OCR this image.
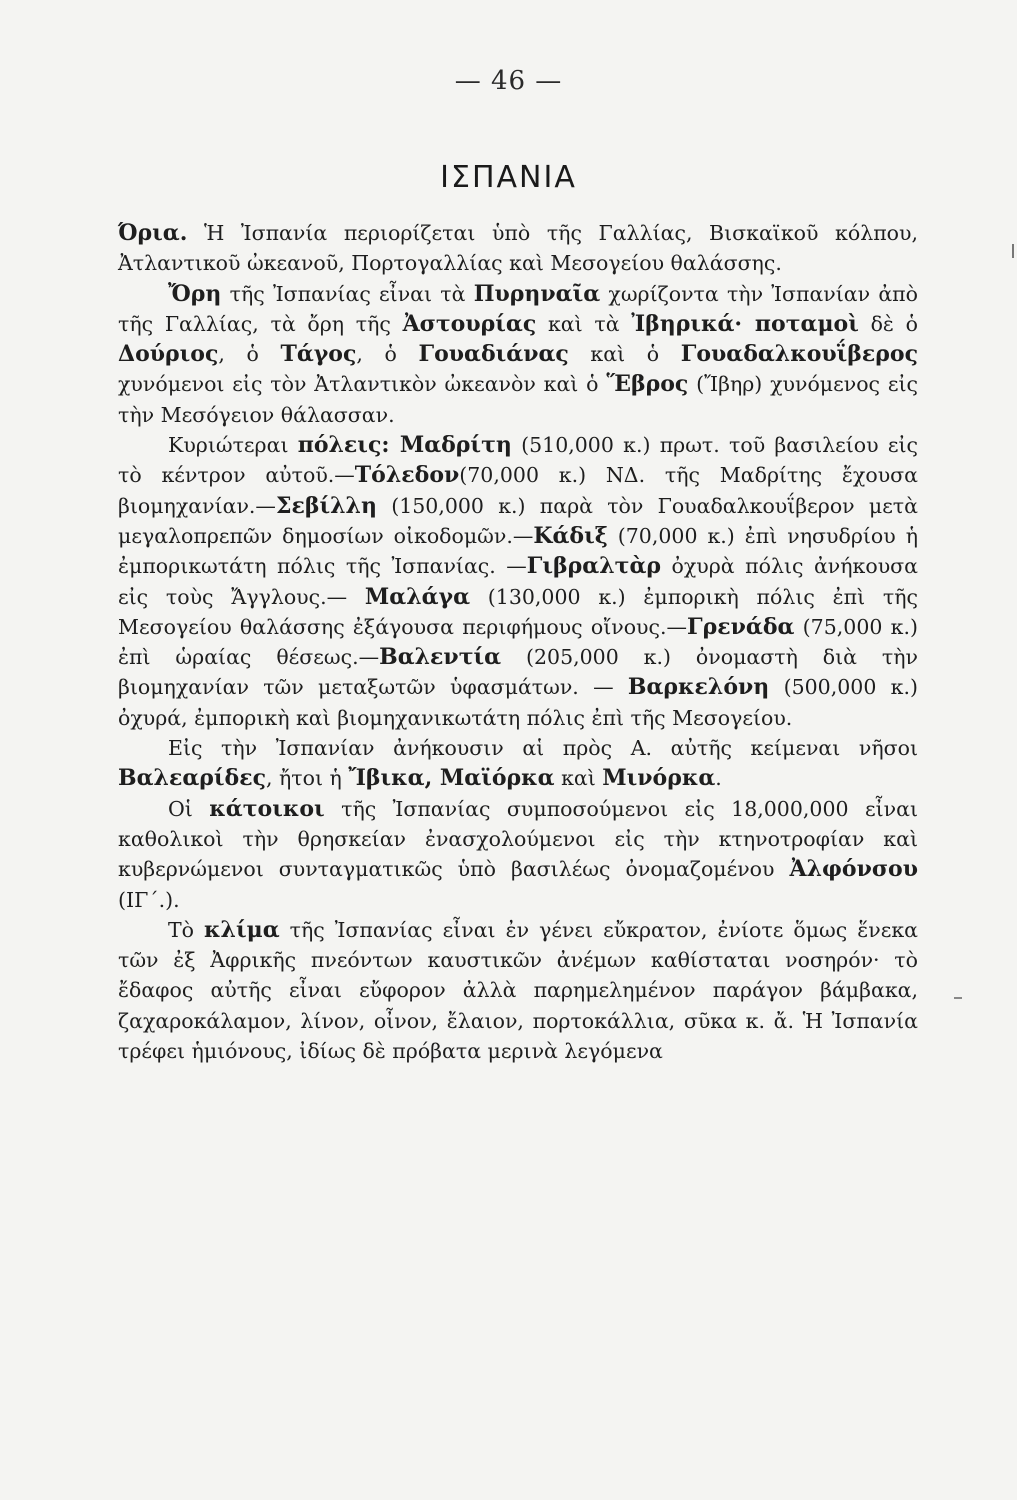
— 46 —
ΙΣΠΑΝΙΑ

Όρια. Ἡ Ἰσπανία περιορίζεται ὑπὸ τῆς Γαλλίας, Βισκαϊκοῦ κόλπου, Ἀτλαντικοῦ ὠκεανοῦ, Πορτογαλλίας καὶ Μεσογείου θαλάσσης.

Ὄρη τῆς Ἰσπανίας εἶναι τὰ Πυρηναῖα χωρίζοντα τὴν Ἰσπανίαν ἀπὸ τῆς Γαλλίας, τὰ ὄρη τῆς Ἀστουρίας καὶ τὰ Ἰβηρικά· ποταμοὶ δὲ ὁ Δούριος, ὁ Τάγος, ὁ Γουαδιάνας καὶ ὁ Γουαδαλκουΐβερος χυνόμενοι εἰς τὸν Ἀτλαντικὸν ὠκεανὸν καὶ ὁ Ἕβρος (Ἴβηρ) χυνόμενος εἰς τὴν Μεσόγειον θάλασσαν.

Κυριώτεραι πόλεις: Μαδρίτη (510,000 κ.) πρωτ. τοῦ βασιλείου εἰς τὸ κέντρον αὐτοῦ.—Τόλεδον(70,000 κ.) ΝΔ. τῆς Μαδρίτης ἔχουσα βιομηχανίαν.—Σεβίλλη (150,000 κ.) παρὰ τὸν Γουαδαλκουΐβερον μετὰ μεγαλοπρεπῶν δημοσίων οἰκοδομῶν.—Κάδιξ (70,000 κ.) ἐπὶ νησυδρίου ἡ ἐμπορικωτάτη πόλις τῆς Ἰσπανίας. —Γιβραλτὰρ ὀχυρὰ πόλις ἀνήκουσα εἰς τοὺς Ἄγγλους.— Μαλάγα (130,000 κ.) ἐμπορικὴ πόλις ἐπὶ τῆς Μεσογείου θαλάσσης ἐξάγουσα περιφήμους οἴνους.—Γρενάδα (75,000 κ.) ἐπὶ ὡραίας θέσεως.—Βαλεντία (205,000 κ.) ὀνομαστὴ διὰ τὴν βιομηχανίαν τῶν μεταξωτῶν ὑφασμάτων. — Βαρκελόνη (500,000 κ.) ὀχυρά, ἐμπορικὴ καὶ βιομηχανικωτάτη πόλις ἐπὶ τῆς Μεσογείου.

Εἰς τὴν Ἰσπανίαν ἀνήκουσιν αἱ πρὸς Α. αὐτῆς κείμεναι νῆσοι Βαλεαρίδες, ἤτοι ἡ Ἴβικα, Μαϊόρκα καὶ Μινόρκα.

Οἱ κάτοικοι τῆς Ἰσπανίας συμποσούμενοι εἰς 18,000,000 εἶναι καθολικοὶ τὴν θρησκείαν ἐνασχολούμενοι εἰς τὴν κτηνοτροφίαν καὶ κυβερνώμενοι συνταγματικῶς ὑπὸ βασιλέως ὀνομαζομένου Ἀλφόνσου (ΙΓ΄.).

Τὸ κλίμα τῆς Ἰσπανίας εἶναι ἐν γένει εὔκρατον, ἐνίοτε ὅμως ἕνεκα τῶν ἐξ Ἀφρικῆς πνεόντων καυστικῶν ἀνέμων καθίσταται νοσηρόν· τὸ ἔδαφος αὐτῆς εἶναι εὔφορον ἀλλὰ παρημελημένον παράγον βάμβακα, ζαχαροκάλαμον, λίνον, οἶνον, ἔλαιον, πορτοκάλλια, σῦκα κ. ἄ. Ἡ Ἰσπανία τρέφει ἡμιόνους, ἰδίως δὲ πρόβατα μερινὰ λεγόμενα
